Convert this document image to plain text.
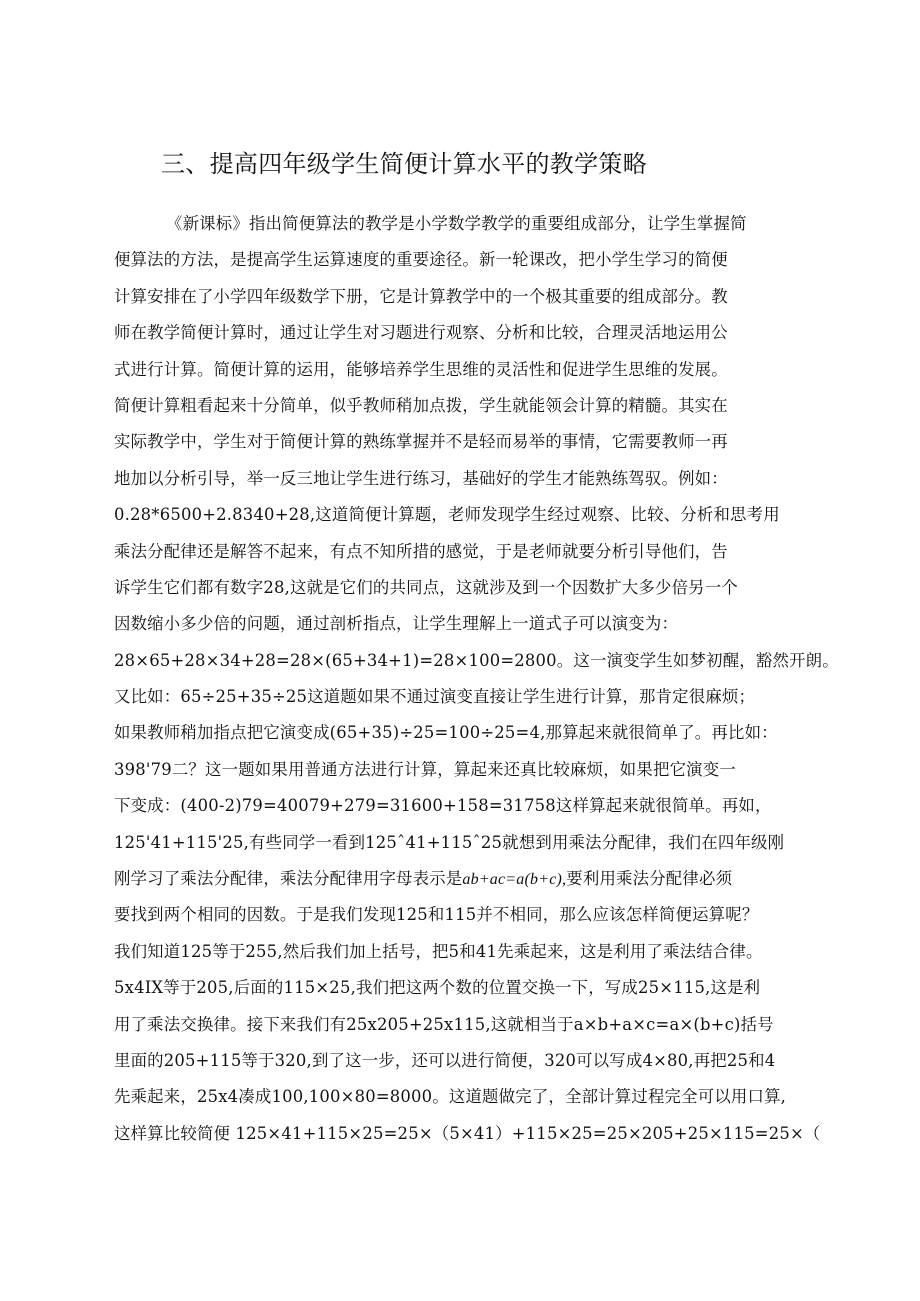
三、提高四年级学生简便计算水平的教学策略
《新课标》指出简便算法的教学是小学数学教学的重要组成部分，让学生掌握简
便算法的方法，是提高学生运算速度的重要途径。新一轮课改，把小学生学习的简便
计算安排在了小学四年级数学下册，它是计算教学中的一个极其重要的组成部分。教
师在教学简便计算时，通过让学生对习题进行观察、分析和比较，合理灵活地运用公
式进行计算。简便计算的运用，能够培养学生思维的灵活性和促进学生思维的发展。
简便计算粗看起来十分简单，似乎教师稍加点拨，学生就能领会计算的精髓。其实在
实际教学中，学生对于简便计算的熟练掌握并不是轻而易举的事情，它需要教师一再
地加以分析引导，举一反三地让学生进行练习，基础好的学生才能熟练驾驭。例如：
0.28*6500+2.8340+28,这道简便计算题，老师发现学生经过观察、比较、分析和思考用
乘法分配律还是解答不起来，有点不知所措的感觉，于是老师就要分析引导他们，告
诉学生它们都有数字28,这就是它们的共同点，这就涉及到一个因数扩大多少倍另一个
因数缩小多少倍的问题，通过剖析指点，让学生理解上一道式子可以演变为：
28×65+28×34+28=28×(65+34+1)=28×100=2800。这一演变学生如梦初醒，豁然开朗。
又比如：65÷25+35÷25这道题如果不通过演变直接让学生进行计算，那肯定很麻烦；
如果教师稍加指点把它演变成(65+35)÷25=100÷25=4,那算起来就很简单了。再比如：
398'79二？这一题如果用普通方法进行计算，算起来还真比较麻烦，如果把它演变一
下变成：(400-2)79=40079+279=31600+158=31758这样算起来就很简单。再如，
125'41+115'25,有些同学一看到125ˆ41+115ˆ25就想到用乘法分配律，我们在四年级刚
刚学习了乘法分配律，乘法分配律用字母表示是ab+ac=a(b+c),要利用乘法分配律必须
要找到两个相同的因数。于是我们发现125和115并不相同，那么应该怎样简便运算呢？
我们知道125等于255,然后我们加上括号，把5和41先乘起来，这是利用了乘法结合律。
5x4IX等于205,后面的115×25,我们把这两个数的位置交换一下，写成25×115,这是利
用了乘法交换律。接下来我们有25x205+25x115,这就相当于a×b+a×c=a×(b+c)括号
里面的205+115等于320,到了这一步，还可以进行简便，320可以写成4×80,再把25和4
先乘起来，25x4凑成100,100×80=8000。这道题做完了，全部计算过程完全可以用口算,
这样算比较简便 125×41+115×25=25×（5×41）+115×25=25×205+25×115=25×（
